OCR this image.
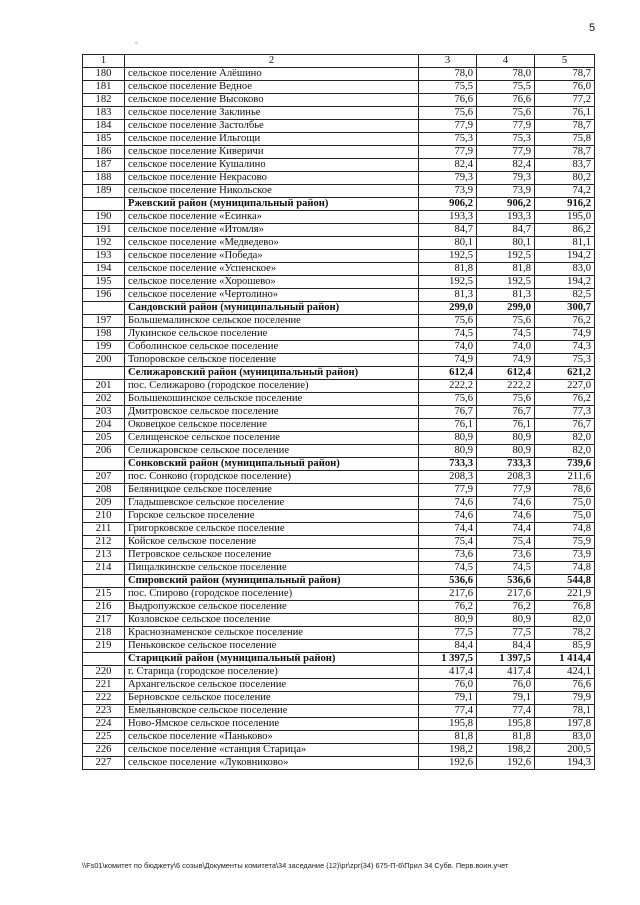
5
°
1	2	3	4	5
180	сельское поселение Алёшино	78,0	78,0	78,7
181	сельское поселение Ведное	75,5	75,5	76,0
182	сельское поселение Высоково	76,6	76,6	77,2
183	сельское поселение Заклинье	75,6	75,6	76,1
184	сельское поселение Застолбье	77,9	77,9	78,7
185	сельское поселение Ильгощи	75,3	75,3	75,8
186	сельское поселение Киверичи	77,9	77,9	78,7
187	сельское поселение Кушалино	82,4	82,4	83,7
188	сельское поселение Некрасово	79,3	79,3	80,2
189	сельское поселение Никольское	73,9	73,9	74,2
	Ржевский район (муниципальный район)	906,2	906,2	916,2
190	сельское поселение «Есинка»	193,3	193,3	195,0
191	сельское поселение «Итомля»	84,7	84,7	86,2
192	сельское поселение «Медведево»	80,1	80,1	81,1
193	сельское поселение «Победа»	192,5	192,5	194,2
194	сельское поселение «Успенское»	81,8	81,8	83,0
195	сельское поселение «Хорошево»	192,5	192,5	194,2
196	сельское поселение «Чертолино»	81,3	81,3	82,5
	Сандовский район (муниципальный район)	299,0	299,0	300,7
197	Большемалинское сельское поселение	75,6	75,6	76,2
198	Лукинское сельское поселение	74,5	74,5	74,9
199	Соболинское сельское поселение	74,0	74,0	74,3
200	Топоровское сельское поселение	74,9	74,9	75,3
	Селижаровский район (муниципальный район)	612,4	612,4	621,2
201	пос. Селижарово (городское поселение)	222,2	222,2	227,0
202	Большекошинское сельское поселение	75,6	75,6	76,2
203	Дмитровское сельское поселение	76,7	76,7	77,3
204	Оковецкое сельское поселение	76,1	76,1	76,7
205	Селищенское сельское поселение	80,9	80,9	82,0
206	Селижаровское сельское поселение	80,9	80,9	82,0
	Сонковский район (муниципальный район)	733,3	733,3	739,6
207	пос. Сонково (городское поселение)	208,3	208,3	211,6
208	Беляницкое сельское поселение	77,9	77,9	78,6
209	Гладышевское сельское поселение	74,6	74,6	75,0
210	Горское сельское поселение	74,6	74,6	75,0
211	Григорковское сельское поселение	74,4	74,4	74,8
212	Койское сельское поселение	75,4	75,4	75,9
213	Петровское сельское поселение	73,6	73,6	73,9
214	Пищалкинское сельское поселение	74,5	74,5	74,8
	Спировский район (муниципальный район)	536,6	536,6	544,8
215	пос. Спирово (городское поселение)	217,6	217,6	221,9
216	Выдропужское сельское поселение	76,2	76,2	76,8
217	Козловское сельское поселение	80,9	80,9	82,0
218	Краснознаменское сельское поселение	77,5	77,5	78,2
219	Пеньковское сельское поселение	84,4	84,4	85,9
	Старицкий район (муниципальный район)	1 397,5	1 397,5	1 414,4
220	г. Старица (городское поселение)	417,4	417,4	424,1
221	Архангельское сельское поселение	76,0	76,0	76,6
222	Берновское сельское поселение	79,1	79,1	79,9
223	Емельяновское сельское поселение	77,4	77,4	78,1
224	Ново-Ямское сельское поселение	195,8	195,8	197,8
225	сельское поселение «Паньково»	81,8	81,8	83,0
226	сельское поселение «станция Старица»	198,2	198,2	200,5
227	сельское поселение «Луковниково»	192,6	192,6	194,3
\\Fs01\комитет по бюджету\6 созыв\Документы комитета\34 заседание (12)\pr\zpr(34) 675-П-6\Прил 34 Субв. Перв.воин.учет
